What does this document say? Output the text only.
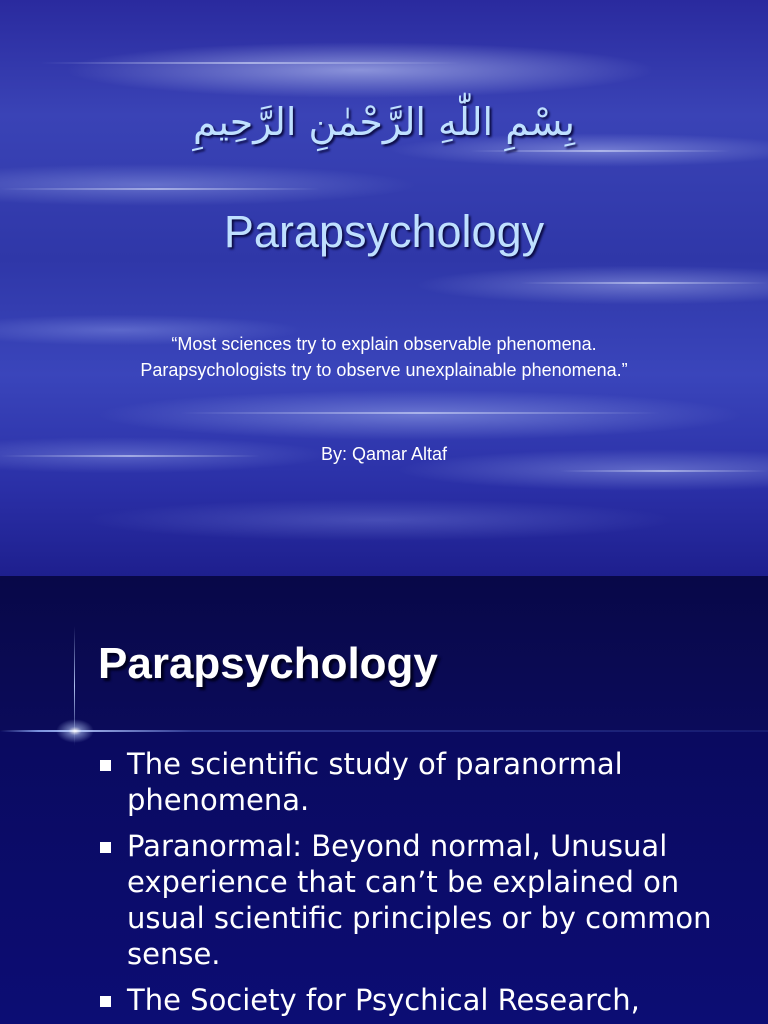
بِسْمِ اللّٰهِ الرَّحْمٰنِ الرَّحِيمِ
Parapsychology
“Most sciences try to explain observable phenomena. Parapsychologists try to observe unexplainable phenomena.”
By: Qamar Altaf
Parapsychology
The scientific study of paranormal phenomena.
Paranormal: Beyond normal, Unusual experience that can’t be explained on usual scientific principles or by common sense.
The Society for Psychical Research,
